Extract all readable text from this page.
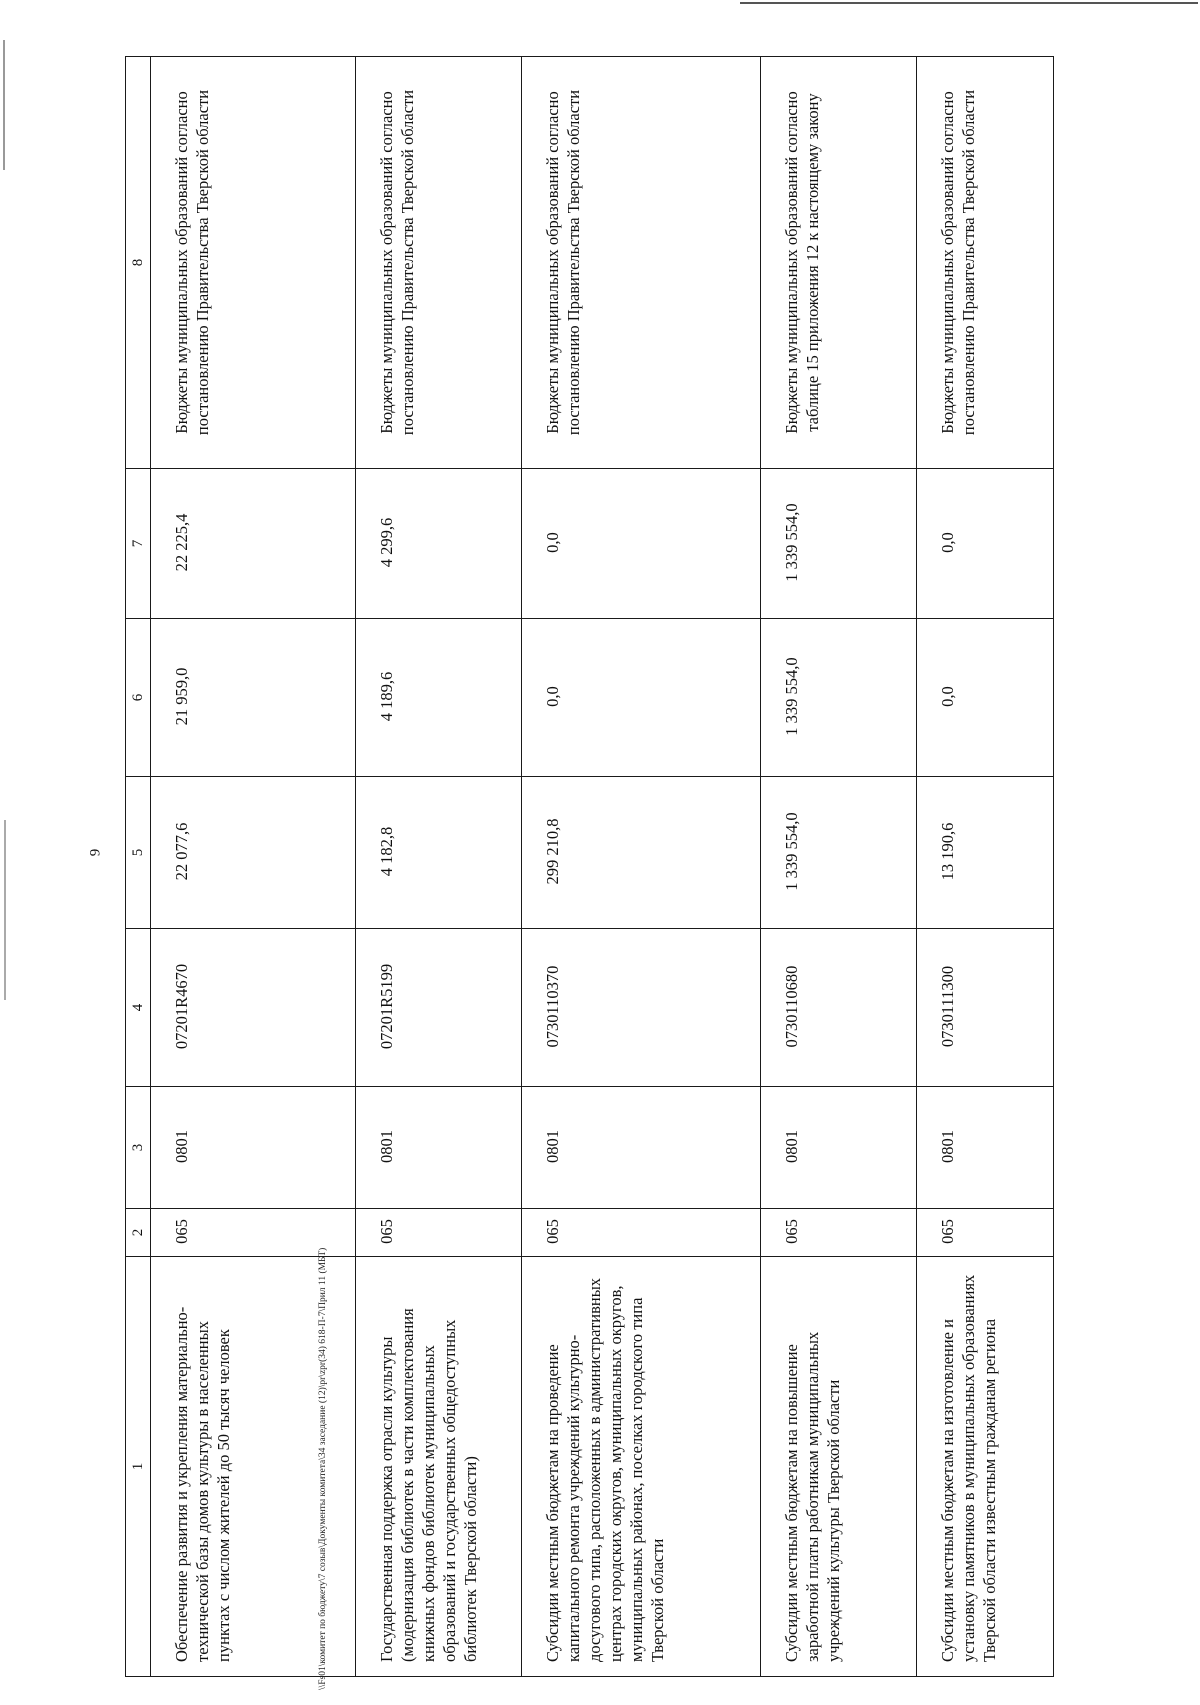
9
\\Fs01\комитет по бюджету\7 созыв\Документы комитета\34 заседание (12)\pr\zpr(34) 618-П-7\Прил 11 (МБТ)
1	2	3	4	5	6	7	8
Обеспечение развития и укрепления материально-технической базы домов культуры в населенных пунктах с числом жителей до 50 тысяч человек	065	0801	07201R4670	22 077,6	21 959,0	22 225,4	Бюджеты муниципальных образований согласно постановлению Правительства Тверской области
Государственная поддержка отрасли культуры (модернизация библиотек в части комплектования книжных фондов библиотек муниципальных образований и государственных общедоступных библиотек Тверской области)	065	0801	07201R5199	4 182,8	4 189,6	4 299,6	Бюджеты муниципальных образований согласно постановлению Правительства Тверской области
Субсидии местным бюджетам на проведение капитального ремонта учреждений культурно-досугового типа, расположенных в административных центрах городских округов, муниципальных округов, муниципальных районах, поселках городского типа Тверской области	065	0801	0730110370	299 210,8	0,0	0,0	Бюджеты муниципальных образований согласно постановлению Правительства Тверской области
Субсидии местным бюджетам на повышение заработной платы работникам муниципальных учреждений культуры Тверской области	065	0801	0730110680	1 339 554,0	1 339 554,0	1 339 554,0	Бюджеты муниципальных образований согласно таблице 15 приложения 12 к настоящему закону
Субсидии местным бюджетам на изготовление и установку памятников в муниципальных образованиях Тверской области известным гражданам региона	065	0801	0730111300	13 190,6	0,0	0,0	Бюджеты муниципальных образований согласно постановлению Правительства Тверской области
